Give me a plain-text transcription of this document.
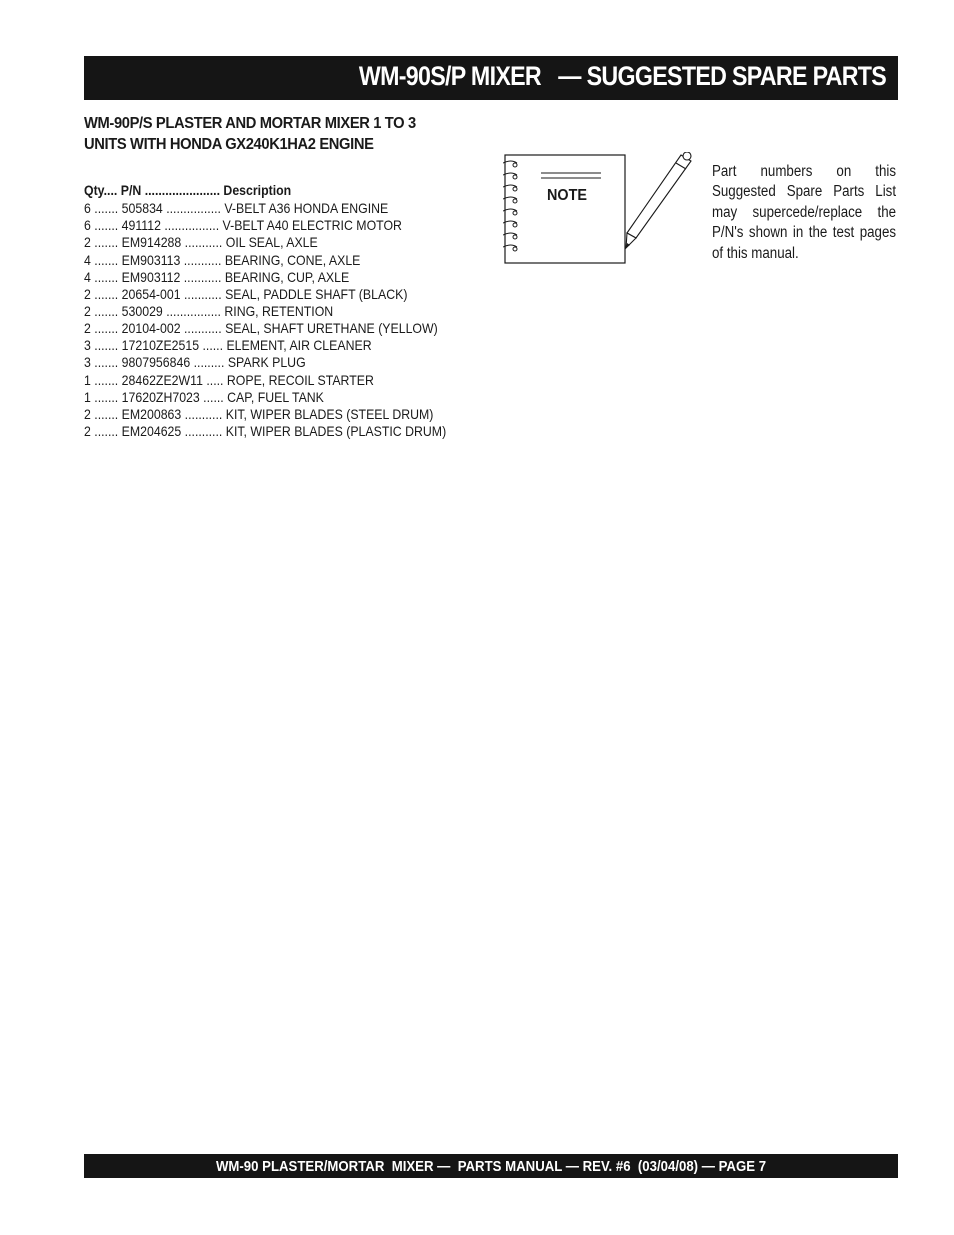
WM-90S/P MIXER   — SUGGESTED SPARE PARTS
WM-90P/S PLASTER AND MORTAR MIXER 1 TO 3
UNITS WITH HONDA GX240K1HA2 ENGINE
Qty.... P/N ...................... Description
6 ....... 505834 ................ V-BELT A36 HONDA ENGINE
6 ....... 491112 ................ V-BELT A40 ELECTRIC MOTOR
2 ....... EM914288 ........... OIL SEAL, AXLE
4 ....... EM903113 ........... BEARING, CONE, AXLE
4 ....... EM903112 ........... BEARING, CUP, AXLE
2 ....... 20654-001 ........... SEAL, PADDLE SHAFT (BLACK)
2 ....... 530029 ................ RING, RETENTION
2 ....... 20104-002 ........... SEAL, SHAFT URETHANE (YELLOW)
3 ....... 17210ZE2515 ...... ELEMENT, AIR CLEANER
3 ....... 9807956846 ......... SPARK PLUG
1 ....... 28462ZE2W11 ..... ROPE, RECOIL STARTER
1 ....... 17620ZH7023 ...... CAP, FUEL TANK
2 ....... EM200863 ........... KIT, WIPER BLADES (STEEL DRUM)
2 ....... EM204625 ........... KIT, WIPER BLADES (PLASTIC DRUM)
NOTE
Part numbers on this Suggested Spare Parts List may supercede/replace the P/N's shown in the test pages of this manual.
WM-90 PLASTER/MORTAR  MIXER —  PARTS MANUAL — REV. #6  (03/04/08) — PAGE 7
